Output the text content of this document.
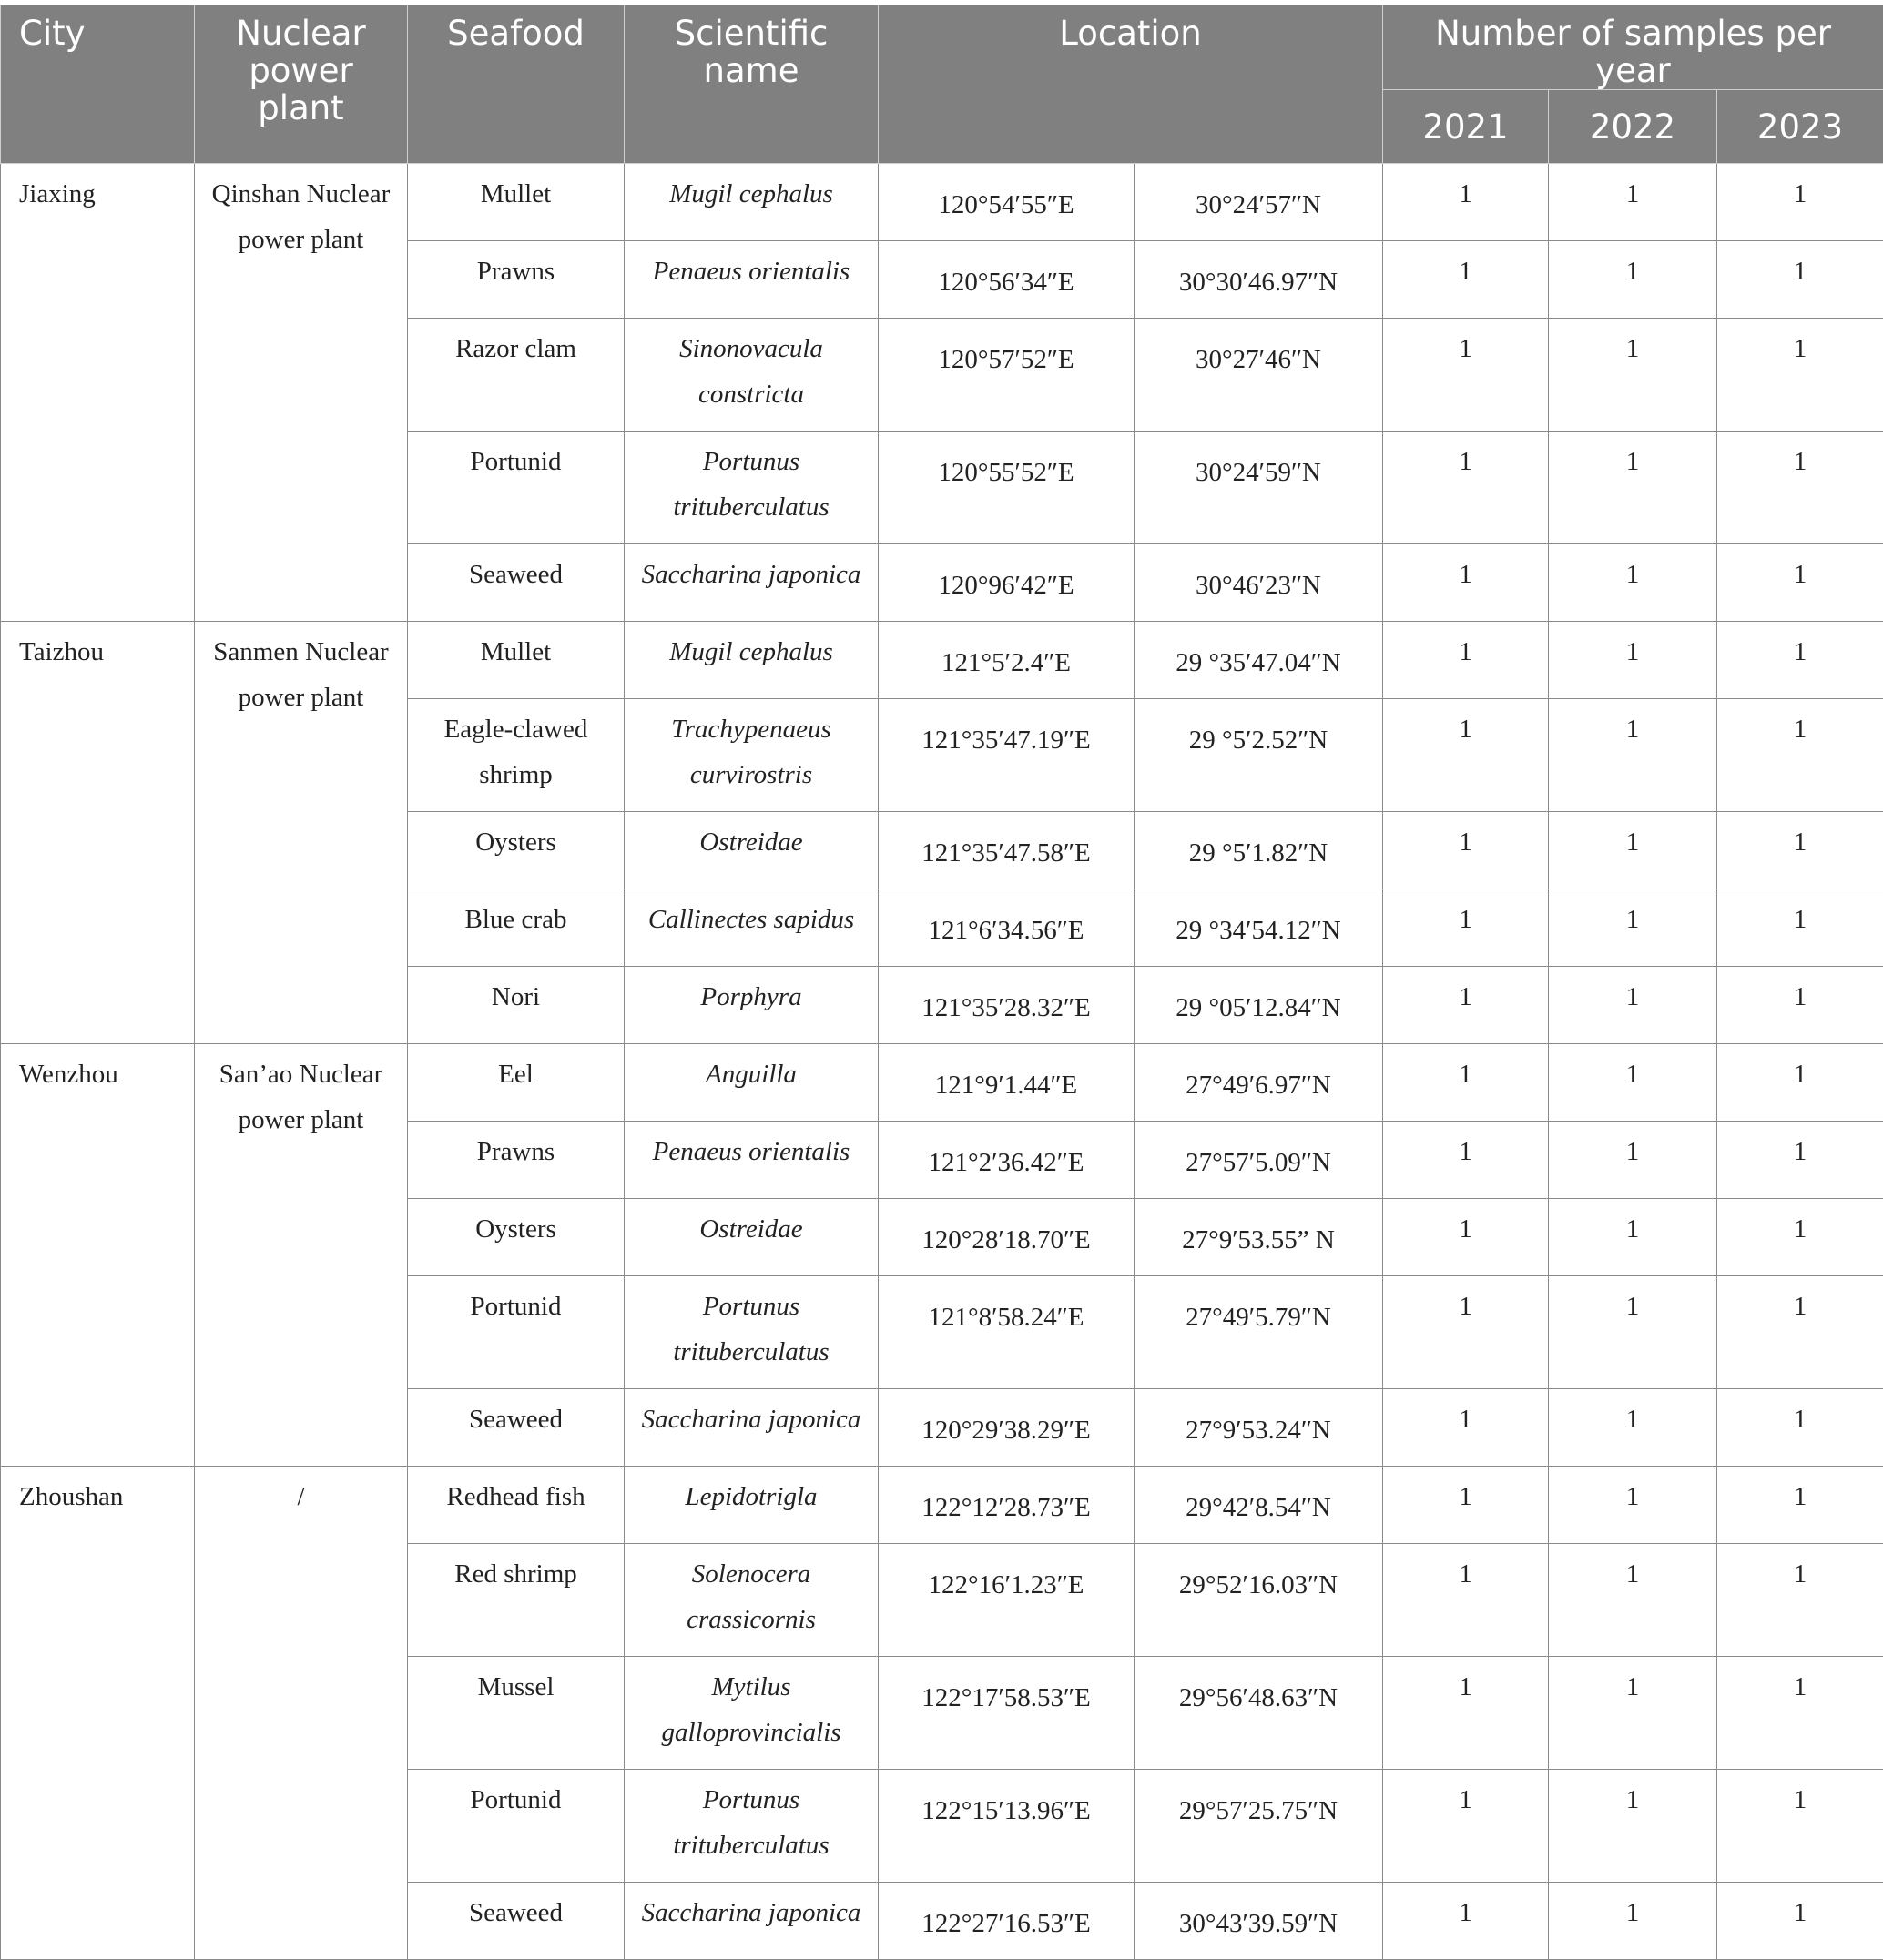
City	Nuclear power plant	Seafood	Scientific name	Location		Number of samples per year		
						2021	2022	2023
Jiaxing	Qinshan Nuclear power plant	Mullet	Mugil cephalus	120°54′55″E	30°24′57″N	1	1	1
		Prawns	Penaeus orientalis	120°56′34″E	30°30′46.97″N	1	1	1
		Razor clam	Sinonovacula constricta	120°57′52″E	30°27′46″N	1	1	1
		Portunid	Portunus trituberculatus	120°55′52″E	30°24′59″N	1	1	1
		Seaweed	Saccharina japonica	120°96′42″E	30°46′23″N	1	1	1
Taizhou	Sanmen Nuclear power plant	Mullet	Mugil cephalus	121°5′2.4″E	29 °35′47.04″N	1	1	1
		Eagle-clawed shrimp	Trachypenaeus curvirostris	121°35′47.19″E	29 °5′2.52″N	1	1	1
		Oysters	Ostreidae	121°35′47.58″E	29 °5′1.82″N	1	1	1
		Blue crab	Callinectes sapidus	121°6′34.56″E	29 °34′54.12″N	1	1	1
		Nori	Porphyra	121°35′28.32″E	29 °05′12.84″N	1	1	1
Wenzhou	San’ao Nuclear power plant	Eel	Anguilla	121°9′1.44″E	27°49′6.97″N	1	1	1
		Prawns	Penaeus orientalis	121°2′36.42″E	27°57′5.09″N	1	1	1
		Oysters	Ostreidae	120°28′18.70″E	27°9′53.55” N	1	1	1
		Portunid	Portunus trituberculatus	121°8′58.24″E	27°49′5.79″N	1	1	1
		Seaweed	Saccharina japonica	120°29′38.29″E	27°9′53.24″N	1	1	1
Zhoushan	/	Redhead fish	Lepidotrigla	122°12′28.73″E	29°42′8.54″N	1	1	1
		Red shrimp	Solenocera crassicornis	122°16′1.23″E	29°52′16.03″N	1	1	1
		Mussel	Mytilus galloprovincialis	122°17′58.53″E	29°56′48.63″N	1	1	1
		Portunid	Portunus trituberculatus	122°15′13.96″E	29°57′25.75″N	1	1	1
		Seaweed	Saccharina japonica	122°27′16.53″E	30°43′39.59″N	1	1	1
